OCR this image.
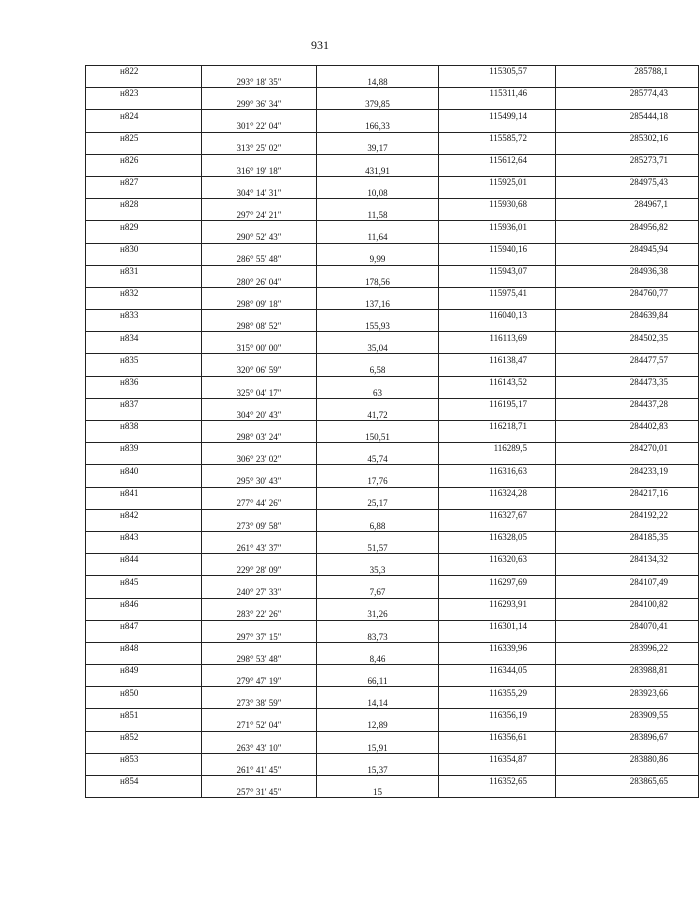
931
н822			115305,57	285788,1
	293° 18' 35"	14,88		
н823			115311,46	285774,43
	299° 36' 34"	379,85		
н824			115499,14	285444,18
	301° 22' 04"	166,33		
н825			115585,72	285302,16
	313° 25' 02"	39,17		
н826			115612,64	285273,71
	316° 19' 18"	431,91		
н827			115925,01	284975,43
	304° 14' 31"	10,08		
н828			115930,68	284967,1
	297° 24' 21"	11,58		
н829			115936,01	284956,82
	290° 52' 43"	11,64		
н830			115940,16	284945,94
	286° 55' 48"	9,99		
н831			115943,07	284936,38
	280° 26' 04"	178,56		
н832			115975,41	284760,77
	298° 09' 18"	137,16		
н833			116040,13	284639,84
	298° 08' 52"	155,93		
н834			116113,69	284502,35
	315° 00' 00"	35,04		
н835			116138,47	284477,57
	320° 06' 59"	6,58		
н836			116143,52	284473,35
	325° 04' 17"	63		
н837			116195,17	284437,28
	304° 20' 43"	41,72		
н838			116218,71	284402,83
	298° 03' 24"	150,51		
н839			116289,5	284270,01
	306° 23' 02"	45,74		
н840			116316,63	284233,19
	295° 30' 43"	17,76		
н841			116324,28	284217,16
	277° 44' 26"	25,17		
н842			116327,67	284192,22
	273° 09' 58"	6,88		
н843			116328,05	284185,35
	261° 43' 37"	51,57		
н844			116320,63	284134,32
	229° 28' 09"	35,3		
н845			116297,69	284107,49
	240° 27' 33"	7,67		
н846			116293,91	284100,82
	283° 22' 26"	31,26		
н847			116301,14	284070,41
	297° 37' 15"	83,73		
н848			116339,96	283996,22
	298° 53' 48"	8,46		
н849			116344,05	283988,81
	279° 47' 19"	66,11		
н850			116355,29	283923,66
	273° 38' 59"	14,14		
н851			116356,19	283909,55
	271° 52' 04"	12,89		
н852			116356,61	283896,67
	263° 43' 10"	15,91		
н853			116354,87	283880,86
	261° 41' 45"	15,37		
н854			116352,65	283865,65
	257° 31' 45"	15		
